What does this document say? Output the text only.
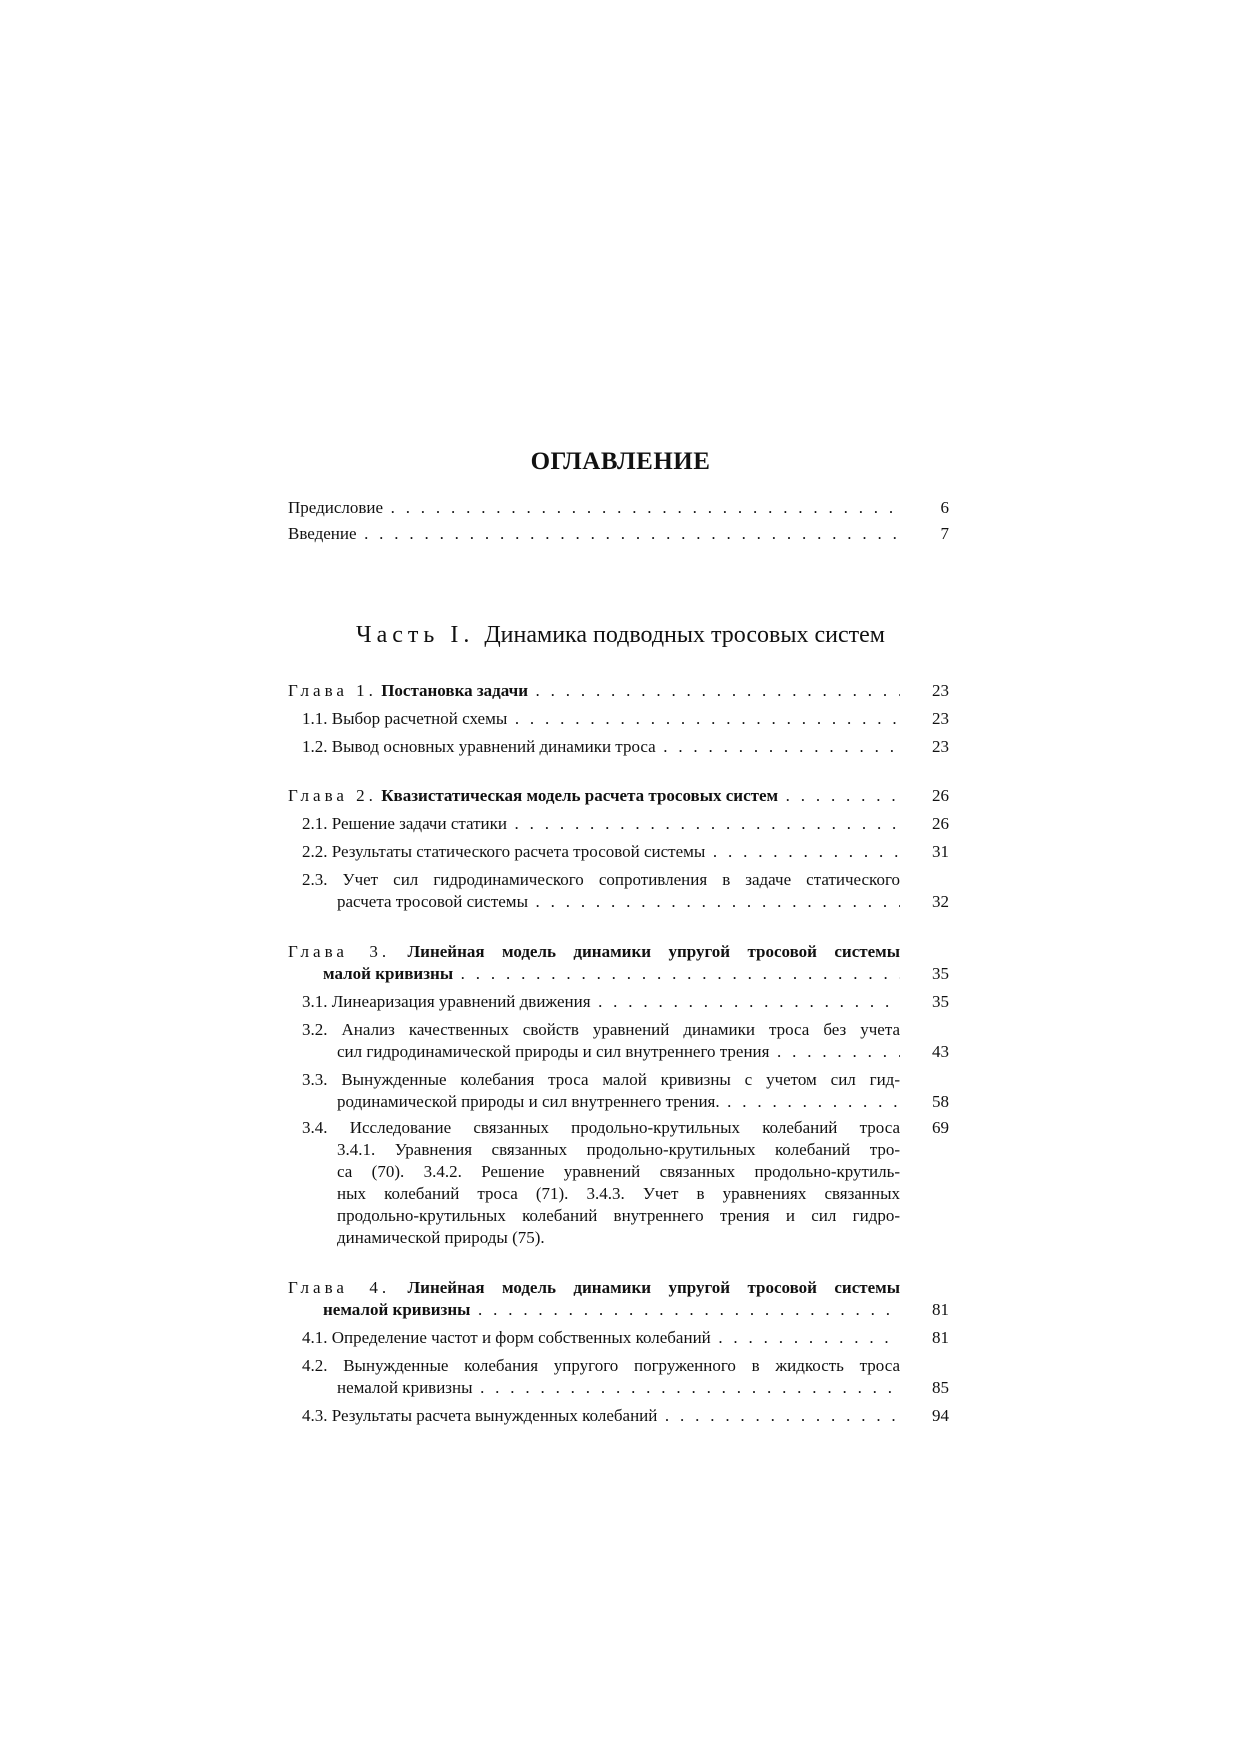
ОГЛАВЛЕНИЕ
Предисловие . . .	6
Введение . . .	7
Часть I. Динамика подводных тросовых систем
Глава 1. Постановка задачи . . .	23
1.1. Выбор расчетной схемы . . .	23
1.2. Вывод основных уравнений динамики троса . . .	23
Глава 2. Квазистатическая модель расчета тросовых систем . . .	26
2.1. Решение задачи статики . . .	26
2.2. Результаты статического расчета тросовой системы . . .	31
2.3. Учет сил гидродинамического сопротивления в задаче статического
расчета тросовой системы . . .	32
Глава 3. Линейная модель динамики упругой тросовой системы
малой кривизны . . .	35
3.1. Линеаризация уравнений движения . . .	35
3.2. Анализ качественных свойств уравнений динамики троса без учета
сил гидродинамической природы и сил внутреннего трения . . .	43
3.3. Вынужденные колебания троса малой кривизны с учетом сил гид-
родинамической природы и сил внутреннего трения. . . .	58
3.4. Исследование связанных продольно-крутильных колебаний троса 69
3.4.1. Уравнения связанных продольно-крутильных колебаний тро-
са (70). 3.4.2. Решение уравнений связанных продольно-крутиль-
ных колебаний троса (71). 3.4.3. Учет в уравнениях связанных
продольно-крутильных колебаний внутреннего трения и сил гидро-
динамической природы (75).
Глава 4. Линейная модель динамики упругой тросовой системы
немалой кривизны . . .	81
4.1. Определение частот и форм собственных колебаний . . .	81
4.2. Вынужденные колебания упругого погруженного в жидкость троса
немалой кривизны . . .	85
4.3. Результаты расчета вынужденных колебаний . . .	94
